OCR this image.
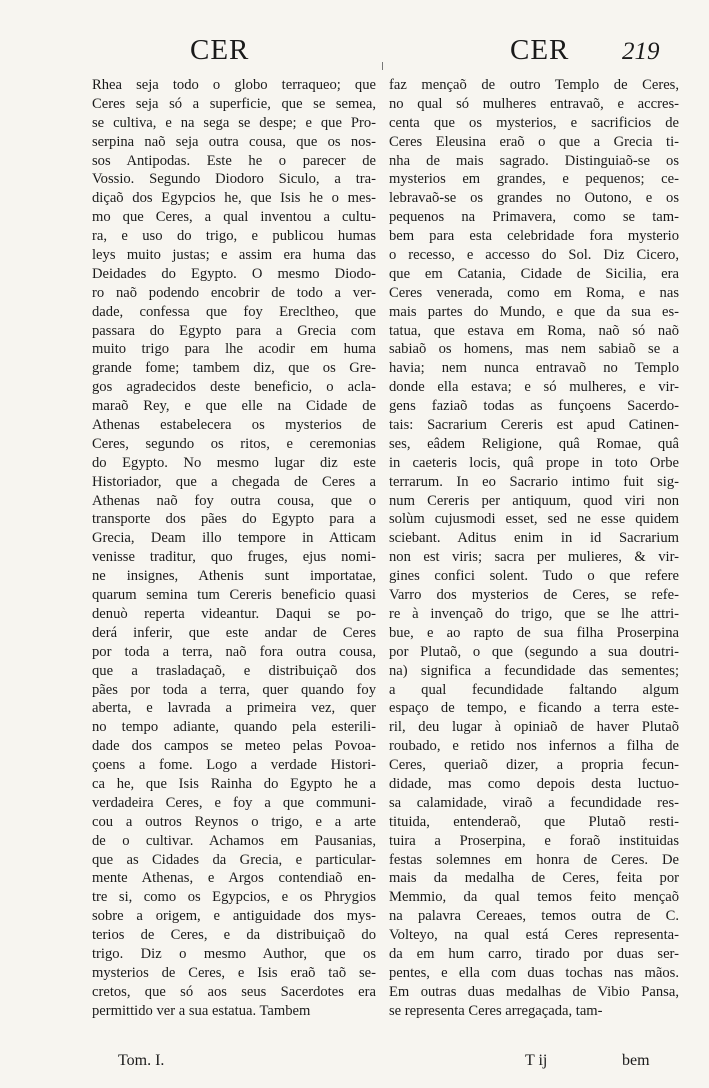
CER	CER 219
Rhea seja todo o globo terraqueo; que
Ceres seja só a superficie, que se semea,
se cultiva, e na sega se despe; e que Pro-
serpina naõ seja outra cousa, que os nos-
sos Antipodas. Este he o parecer de
Vossio. Segundo Diodoro Siculo, a tra-
diçaõ dos Egypcios he, que Isis he o mes-
mo que Ceres, a qual inventou a cultu-
ra, e uso do trigo, e publicou humas
leys muito justas; e assim era huma das
Deidades do Egypto. O mesmo Diodo-
ro naõ podendo encobrir de todo a ver-
dade, confessa que foy Erecltheo, que
passara do Egypto para a Grecia com
muito trigo para lhe acodir em huma
grande fome; tambem diz, que os Gre-
gos agradecidos deste beneficio, o acla-
maraõ Rey, e que elle na Cidade de
Athenas estabelecera os mysterios de
Ceres, segundo os ritos, e ceremonias
do Egypto. No mesmo lugar diz este
Historiador, que a chegada de Ceres a
Athenas naõ foy outra cousa, que o
transporte dos pães do Egypto para a
Grecia, Deam illo tempore in Atticam
venisse traditur, quo fruges, ejus nomi-
ne insignes, Athenis sunt importatae,
quarum semina tum Cereris beneficio quasi
denuò reperta videantur. Daqui se po-
derá inferir, que este andar de Ceres
por toda a terra, naõ fora outra cousa,
que a trasladaçaõ, e distribuiçaõ dos
pães por toda a terra, quer quando foy
aberta, e lavrada a primeira vez, quer
no tempo adiante, quando pela esterili-
dade dos campos se meteo pelas Povoa-
çoens a fome. Logo a verdade Histori-
ca he, que Isis Rainha do Egypto he a
verdadeira Ceres, e foy a que communi-
cou a outros Reynos o trigo, e a arte
de o cultivar. Achamos em Pausanias,
que as Cidades da Grecia, e particular-
mente Athenas, e Argos contendiaõ en-
tre si, como os Egypcios, e os Phrygios
sobre a origem, e antiguidade dos mys-
terios de Ceres, e da distribuiçaõ do
trigo. Diz o mesmo Author, que os
mysterios de Ceres, e Isis eraõ taõ se-
cretos, que só aos seus Sacerdotes era
permittido ver a sua estatua. Tambem
faz mençaõ de outro Templo de Ceres,
no qual só mulheres entravaõ, e accres-
centa que os mysterios, e sacrificios de
Ceres Eleusina eraõ o que a Grecia ti-
nha de mais sagrado. Distinguiaõ-se os
mysterios em grandes, e pequenos; ce-
lebravaõ-se os grandes no Outono, e os
pequenos na Primavera, como se tam-
bem para esta celebridade fora mysterio
o recesso, e accesso do Sol. Diz Cicero,
que em Catania, Cidade de Sicilia, era
Ceres venerada, como em Roma, e nas
mais partes do Mundo, e que da sua es-
tatua, que estava em Roma, naõ só naõ
sabiaõ os homens, mas nem sabiaõ se a
havia; nem nunca entravaõ no Templo
donde ella estava; e só mulheres, e vir-
gens faziaõ todas as funçoens Sacerdo-
tais: Sacrarium Cereris est apud Catinen-
ses, eâdem Religione, quâ Romae, quâ
in caeteris locis, quâ prope in toto Orbe
terrarum. In eo Sacrario intimo fuit sig-
num Cereris per antiquum, quod viri non
solùm cujusmodi esset, sed ne esse quidem
sciebant. Aditus enim in id Sacrarium
non est viris; sacra per mulieres, & vir-
gines confici solent. Tudo o que refere
Varro dos mysterios de Ceres, se refe-
re à invençaõ do trigo, que se lhe attri-
bue, e ao rapto de sua filha Proserpina
por Plutaõ, o que (segundo a sua doutri-
na) significa a fecundidade das sementes;
a qual fecundidade faltando algum
espaço de tempo, e ficando a terra este-
ril, deu lugar à opiniaõ de haver Plutaõ
roubado, e retido nos infernos a filha de
Ceres, queriaõ dizer, a propria fecun-
didade, mas como depois desta luctuo-
sa calamidade, viraõ a fecundidade res-
tituida, entenderaõ, que Plutaõ resti-
tuira a Proserpina, e foraõ instituidas
festas solemnes em honra de Ceres. De
mais da medalha de Ceres, feita por
Memmio, da qual temos feito mençaõ
na palavra Cereaes, temos outra de C.
Volteyo, na qual está Ceres representa-
da em hum carro, tirado por duas ser-
pentes, e ella com duas tochas nas mãos.
Em outras duas medalhas de Vibio Pansa,
se representa Ceres arregaçada, tam-
Tom. I.	T ij	bem
